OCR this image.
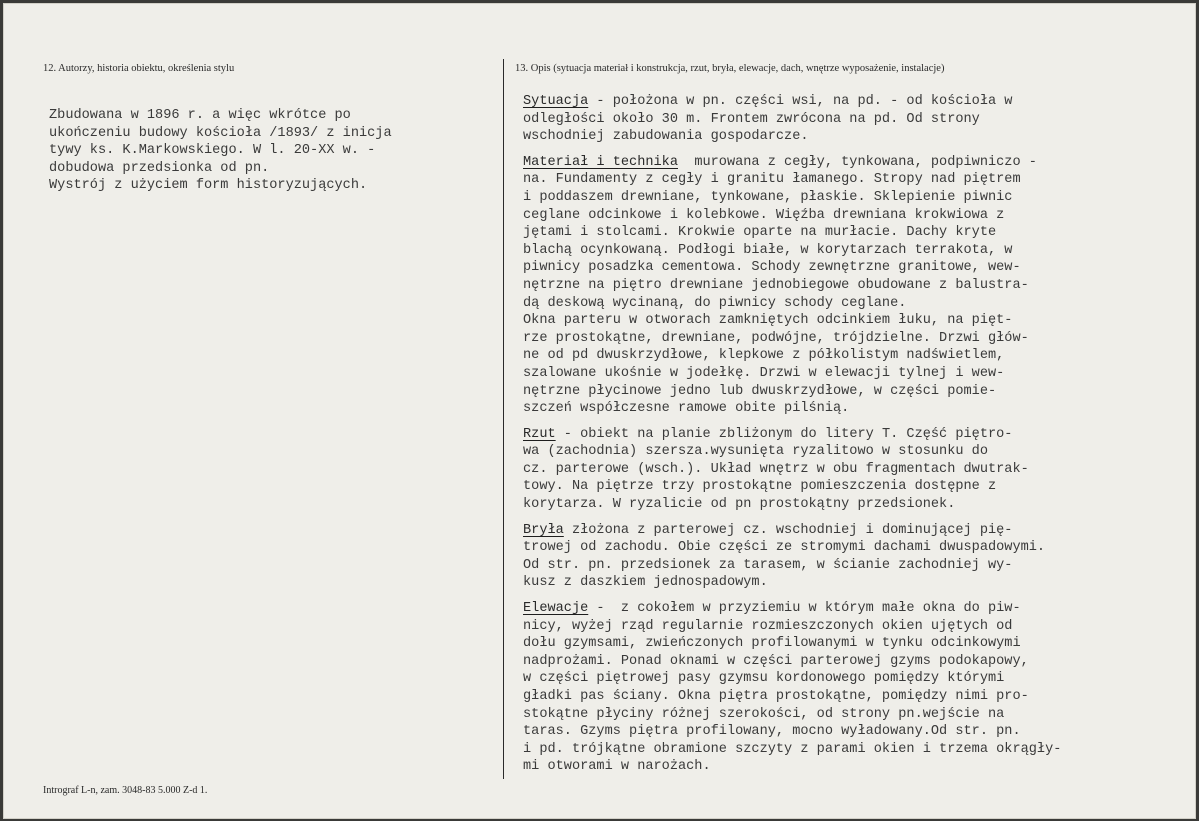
12. Autorzy, historia obiektu, określenia stylu	13. Opis (sytuacja materiał i konstrukcja, rzut, bryła, elewacje, dach, wnętrze wyposażenie, instalacje)
Zbudowana w 1896 r. a więc wkrótce po
ukończeniu budowy kościoła /1893/ z inicja
tywy ks. K.Markowskiego. W l. 20-XX w. -
dobudowa przedsionka od pn.
Wystrój z użyciem form historyzujących.
Sytuacja - położona w pn. części wsi, na pd. - od kościoła w
odległości około 30 m. Frontem zwrócona na pd. Od strony
wschodniej zabudowania gospodarcze.
Materiał i technika  murowana z cegły, tynkowana, podpiwniczo -
na. Fundamenty z cegły i granitu łamanego. Stropy nad piętrem
i poddaszem drewniane, tynkowane, płaskie. Sklepienie piwnic
ceglane odcinkowe i kolebkowe. Więźba drewniana krokwiowa z
jętami i stolcami. Krokwie oparte na murłacie. Dachy kryte
blachą ocynkowaną. Podłogi białe, w korytarzach terrakota, w
piwnicy posadzka cementowa. Schody zewnętrzne granitowe, wew-
nętrzne na piętro drewniane jednobiegowe obudowane z balustra-
dą deskową wycinaną, do piwnicy schody ceglane.
Okna parteru w otworach zamkniętych odcinkiem łuku, na pięt-
rze prostokątne, drewniane, podwójne, trójdzielne. Drzwi głów-
ne od pd dwuskrzydłowe, klepkowe z półkolistym nadświetlem,
szalowane ukośnie w jodełkę. Drzwi w elewacji tylnej i wew-
nętrzne płycinowe jedno lub dwuskrzydłowe, w części pomie-
szczeń współczesne ramowe obite pilśnią.
Rzut - obiekt na planie zbliżonym do litery T. Część piętro-
wa (zachodnia) szersza.wysunięta ryzalitowo w stosunku do
cz. parterowe (wsch.). Układ wnętrz w obu fragmentach dwutrak-
towy. Na piętrze trzy prostokątne pomieszczenia dostępne z
korytarza. W ryzalicie od pn prostokątny przedsionek.
Bryła złożona z parterowej cz. wschodniej i dominującej pię-
trowej od zachodu. Obie części ze stromymi dachami dwuspadowymi.
Od str. pn. przedsionek za tarasem, w ścianie zachodniej wy-
kusz z daszkiem jednospadowym.
Elewacje -  z cokołem w przyziemiu w którym małe okna do piw-
nicy, wyżej rząd regularnie rozmieszczonych okien ujętych od
dołu gzymsami, zwieńczonych profilowanymi w tynku odcinkowymi
nadprożami. Ponad oknami w części parterowej gzyms podokapowy,
w części piętrowej pasy gzymsu kordonowego pomiędzy którymi
gładki pas ściany. Okna piętra prostokątne, pomiędzy nimi pro-
stokątne płyciny różnej szerokości, od strony pn.wejście na
taras. Gzyms piętra profilowany, mocno wyładowany.Od str. pn.
i pd. trójkątne obramione szczyty z parami okien i trzema okrągły-
mi otworami w narożach.
Intrograf L-n, zam. 3048-83 5.000 Z-d 1.
